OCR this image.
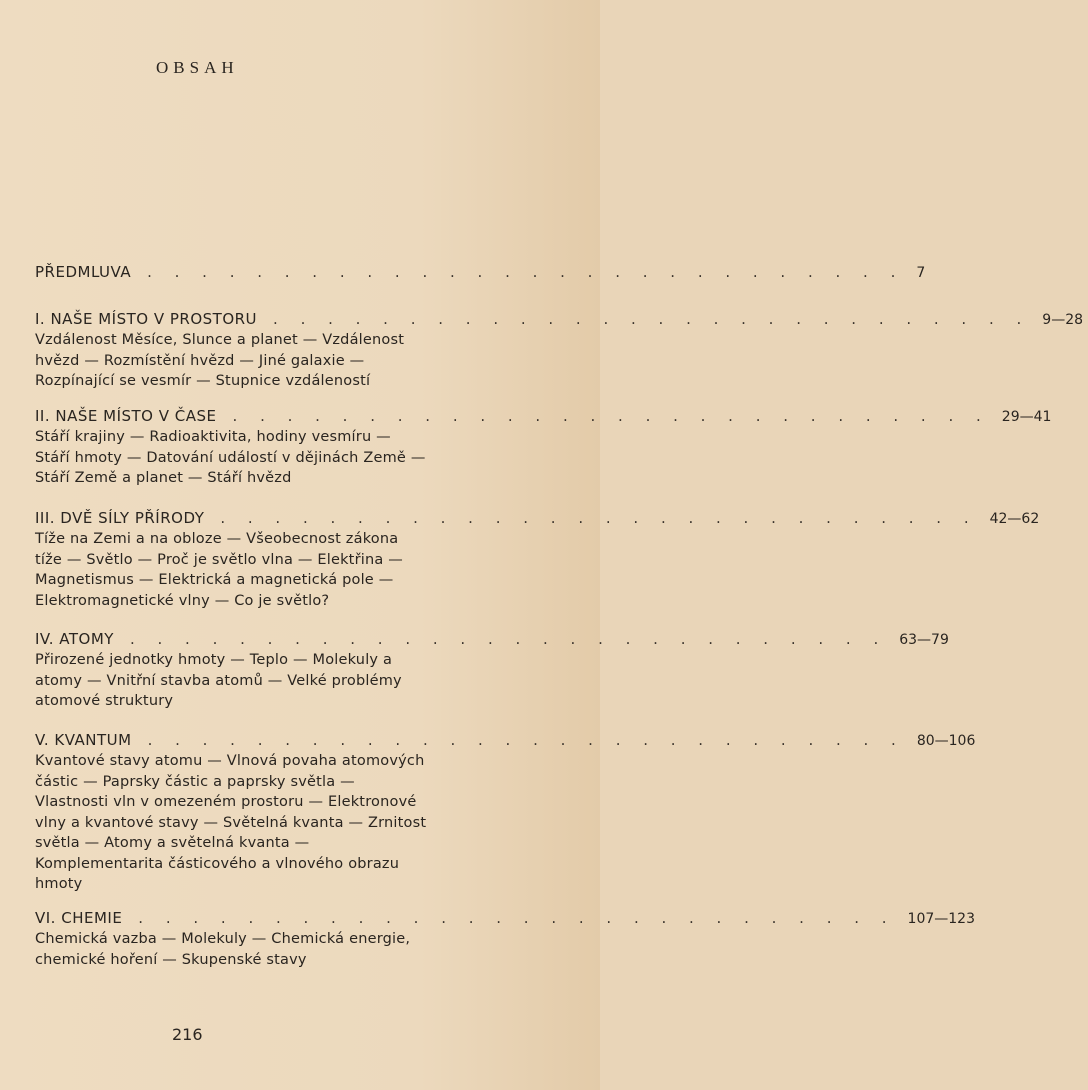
OBSAH
PŘEDMLUVA . . . . . . . . . . . . . . . . . . . . . . . . . . . . 7
I. NAŠE MÍSTO V PROSTORU . . . . . . . . . . . . . . . . . . . . . . . . . . . . 9—28
Vzdálenost Měsíce, Slunce a planet — Vzdálenost
hvězd — Rozmístění hvězd — Jiné galaxie —
Rozpínající se vesmír — Stupnice vzdáleností
II. NAŠE MÍSTO V ČASE . . . . . . . . . . . . . . . . . . . . . . . . . . . . 29—41
Stáří krajiny — Radioaktivita, hodiny vesmíru —
Stáří hmoty — Datování událostí v dějinách Země —
Stáří Země a planet — Stáří hvězd
III. DVĚ SÍLY PŘÍRODY . . . . . . . . . . . . . . . . . . . . . . . . . . . . 42—62
Tíže na Zemi a na obloze — Všeobecnost zákona
tíže — Světlo — Proč je světlo vlna — Elektřina —
Magnetismus — Elektrická a magnetická pole —
Elektromagnetické vlny — Co je světlo?
IV. ATOMY . . . . . . . . . . . . . . . . . . . . . . . . . . . . 63—79
Přirozené jednotky hmoty — Teplo — Molekuly a
atomy — Vnitřní stavba atomů — Velké problémy
atomové struktury
V. KVANTUM . . . . . . . . . . . . . . . . . . . . . . . . . . . . 80—106
Kvantové stavy atomu — Vlnová povaha atomových
částic — Paprsky částic a paprsky světla —
Vlastnosti vln v omezeném prostoru — Elektronové
vlny a kvantové stavy — Světelná kvanta — Zrnitost
světla — Atomy a světelná kvanta —
Komplementarita částicového a vlnového obrazu
hmoty
VI. CHEMIE . . . . . . . . . . . . . . . . . . . . . . . . . . . . 107—123
Chemická vazba — Molekuly — Chemická energie,
chemické hoření — Skupenské stavy
216
